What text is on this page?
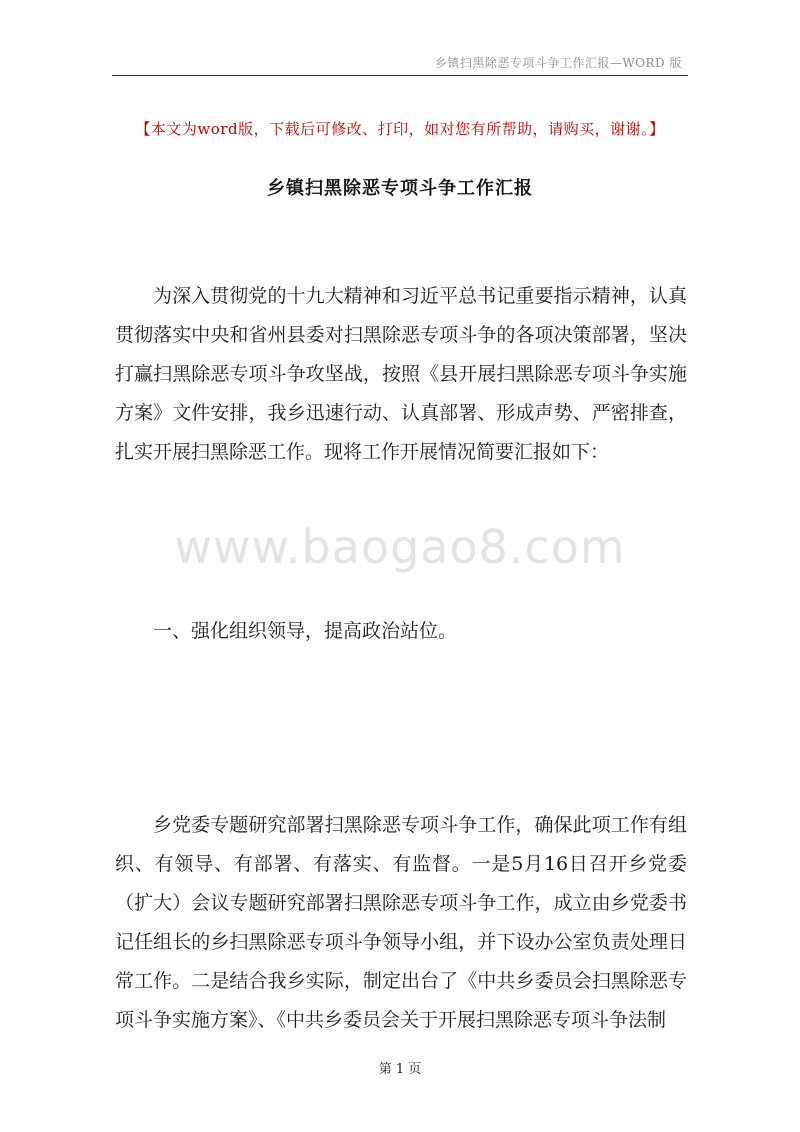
乡镇扫黑除恶专项斗争工作汇报—WORD 版
【本文为word版，下载后可修改、打印，如对您有所帮助，请购买，谢谢。】
乡镇扫黑除恶专项斗争工作汇报

为深入贯彻党的十九大精神和习近平总书记重要指示精神，认真贯彻落实中央和省州县委对扫黑除恶专项斗争的各项决策部署，坚决打赢扫黑除恶专项斗争攻坚战，按照《县开展扫黑除恶专项斗争实施方案》文件安排，我乡迅速行动、认真部署、形成声势、严密排查，扎实开展扫黑除恶工作。现将工作开展情况简要汇报如下：

www.baogao8.com

一、强化组织领导，提高政治站位。

乡党委专题研究部署扫黑除恶专项斗争工作，确保此项工作有组织、有领导、有部署、有落实、有监督。一是5月16日召开乡党委（扩大）会议专题研究部署扫黑除恶专项斗争工作，成立由乡党委书记任组长的乡扫黑除恶专项斗争领导小组，并下设办公室负责处理日常工作。二是结合我乡实际，制定出台了《中共乡委员会扫黑除恶专项斗争实施方案》、《中共乡委员会关于开展扫黑除恶专项斗争法制

第 1 页
